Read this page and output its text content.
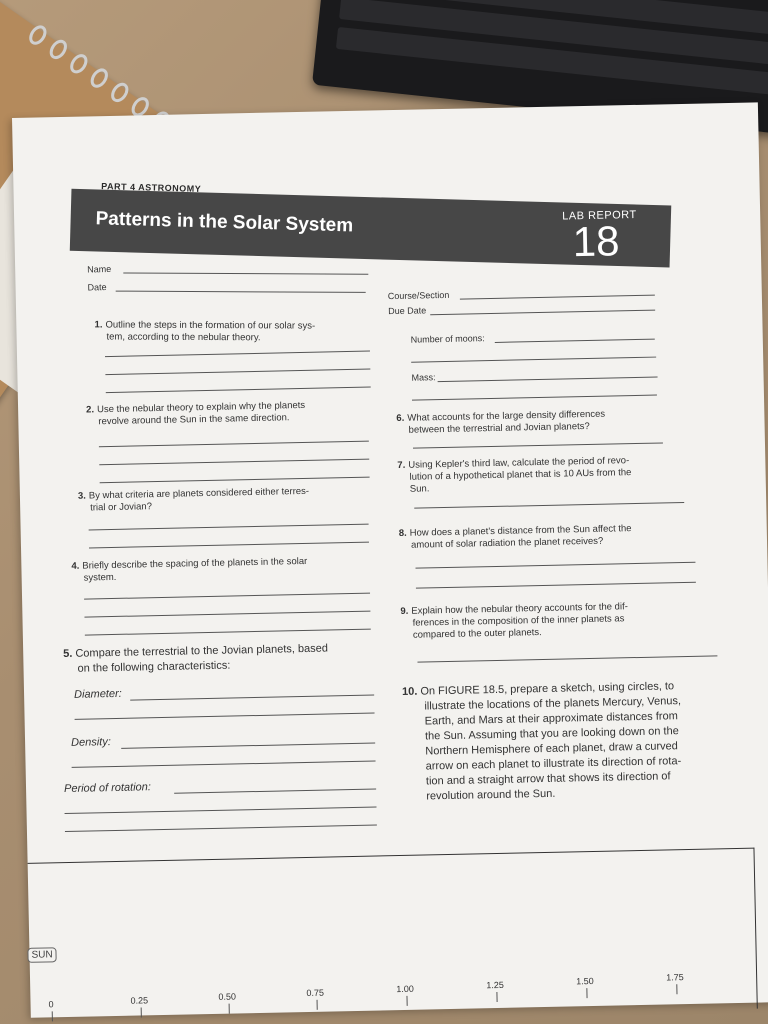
PART 4 ASTRONOMY
Patterns in the Solar System	LAB REPORT
18
Name
Date
Course/Section
Due Date
1. Outline the steps in the formation of our solar sys-
tem, according to the nebular theory.	Number of moons:
Mass:
2. Use the nebular theory to explain why the planets
revolve around the Sun in the same direction.	6. What accounts for the large density differences
between the terrestrial and Jovian planets?
7. Using Kepler's third law, calculate the period of revo-
lution of a hypothetical planet that is 10 AUs from the
Sun.
3. By what criteria are planets considered either terres-
trial or Jovian?
8. How does a planet's distance from the Sun affect the
amount of solar radiation the planet receives?
4. Briefly describe the spacing of the planets in the solar
system.
9. Explain how the nebular theory accounts for the dif-
ferences in the composition of the inner planets as
compared to the outer planets.
5. Compare the terrestrial to the Jovian planets, based
on the following characteristics:
Diameter:
Density:
Period of rotation:
10. On FIGURE 18.5, prepare a sketch, using circles, to
illustrate the locations of the planets Mercury, Venus,
Earth, and Mars at their approximate distances from
the Sun. Assuming that you are looking down on the
Northern Hemisphere of each planet, draw a curved
arrow on each planet to illustrate its direction of rota-
tion and a straight arrow that shows its direction of
revolution around the Sun.
SUN
0	0.25	0.50	0.75	1.00	1.25	1.50	1.75
